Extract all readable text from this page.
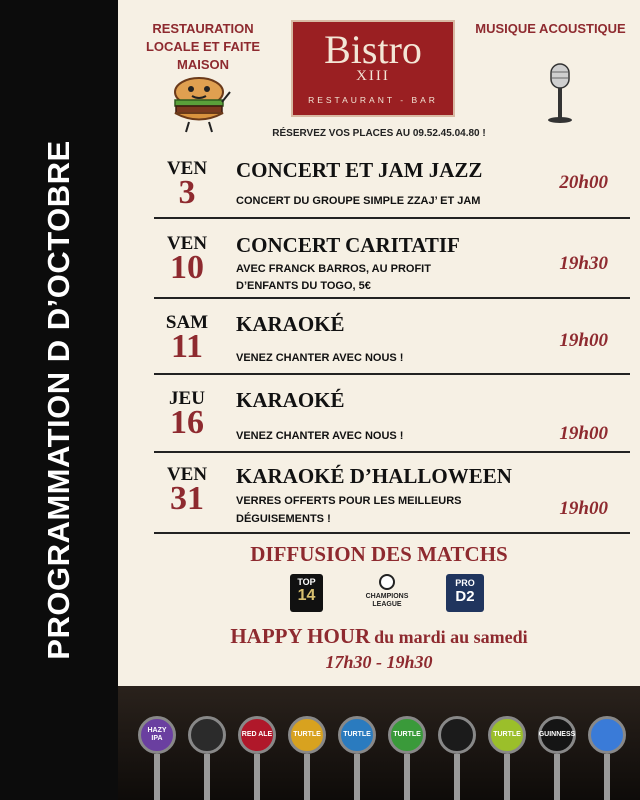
PROGRAMMATION D D’OCTOBRE
RESTAURATION LOCALE ET FAITE MAISON
MUSIQUE ACOUSTIQUE
Bistro
XIII
RESTAURANT - BAR
RÉSERVEZ VOS PLACES AU 09.52.45.04.80 !
VEN
3
CONCERT ET JAM JAZZ
CONCERT DU GROUPE SIMPLE ZZAJ’ ET JAM
20h00
VEN
10
CONCERT CARITATIF
AVEC FRANCK BARROS, AU PROFIT
D’ENFANTS DU TOGO, 5€
19h30
SAM
11
KARAOKÉ
VENEZ CHANTER AVEC NOUS !
19h00
JEU
16
KARAOKÉ
VENEZ CHANTER AVEC NOUS !	19h00
VEN
31
KARAOKÉ D’HALLOWEEN
VERRES OFFERTS POUR LES MEILLEURS
DÉGUISEMENTS !	19h00
DIFFUSION DES MATCHS
TOP
14	CHAMPIONS LEAGUE
PRO
D2
HAPPY HOUR du mardi au samedi
17h30 - 19h30
HAZY IPA
RED ALE	TURTLE	TURTLE	TURTLE	TURTLE	GUINNESS
